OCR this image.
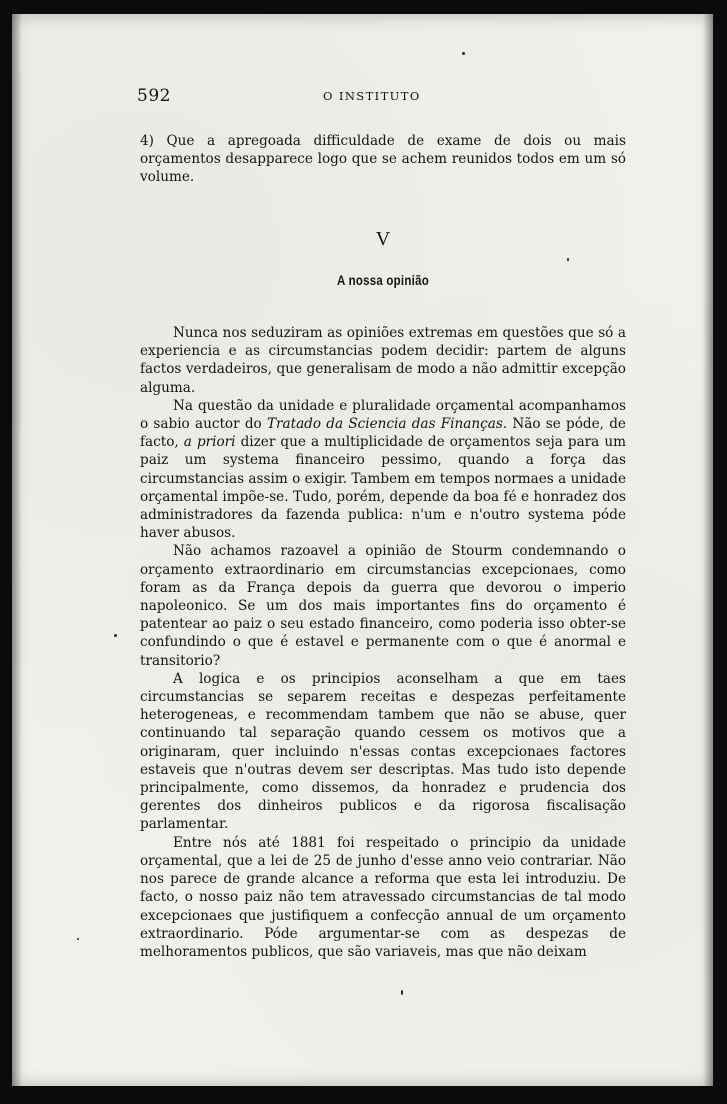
592	O INSTITUTO
4) Que a apregoada difficuldade de exame de dois ou mais orçamentos desapparece logo que se achem reunidos todos em um só volume.
V
A nossa opinião

Nunca nos seduziram as opiniões extremas em questões que só a experiencia e as circumstancias podem decidir: partem de alguns factos verdadeiros, que generalisam de modo a não admittir excepção alguma.

Na questão da unidade e pluralidade orçamental acompanhamos o sabio auctor do Tratado da Sciencia das Finanças. Não se póde, de facto, a priori dizer que a multiplicidade de orçamentos seja para um paiz um systema financeiro pessimo, quando a força das circumstancias assim o exigir. Tambem em tempos normaes a unidade orçamental impõe-se. Tudo, porém, depende da boa fé e honradez dos administradores da fazenda publica: n'um e n'outro systema póde haver abusos.

Não achamos razoavel a opinião de Stourm condemnando o orçamento extraordinario em circumstancias excepcionaes, como foram as da França depois da guerra que devorou o imperio napoleonico. Se um dos mais importantes fins do orçamento é patentear ao paiz o seu estado financeiro, como poderia isso obter-se confundindo o que é estavel e permanente com o que é anormal e transitorio?

A logica e os principios aconselham a que em taes circumstancias se separem receitas e despezas perfeitamente heterogeneas, e recommendam tambem que não se abuse, quer continuando tal separação quando cessem os motivos que a originaram, quer incluindo n'essas contas excepcionaes factores estaveis que n'outras devem ser descriptas. Mas tudo isto depende principalmente, como dissemos, da honradez e prudencia dos gerentes dos dinheiros publicos e da rigorosa fiscalisação parlamentar.

Entre nós até 1881 foi respeitado o principio da unidade orçamental, que a lei de 25 de junho d'esse anno veio contrariar. Não nos parece de grande alcance a reforma que esta lei introduziu. De facto, o nosso paiz não tem atravessado circumstancias de tal modo excepcionaes que justifiquem a confecção annual de um orçamento extraordinario. Póde argumentar-se com as despezas de melhoramentos publicos, que são variaveis, mas que não deixam
